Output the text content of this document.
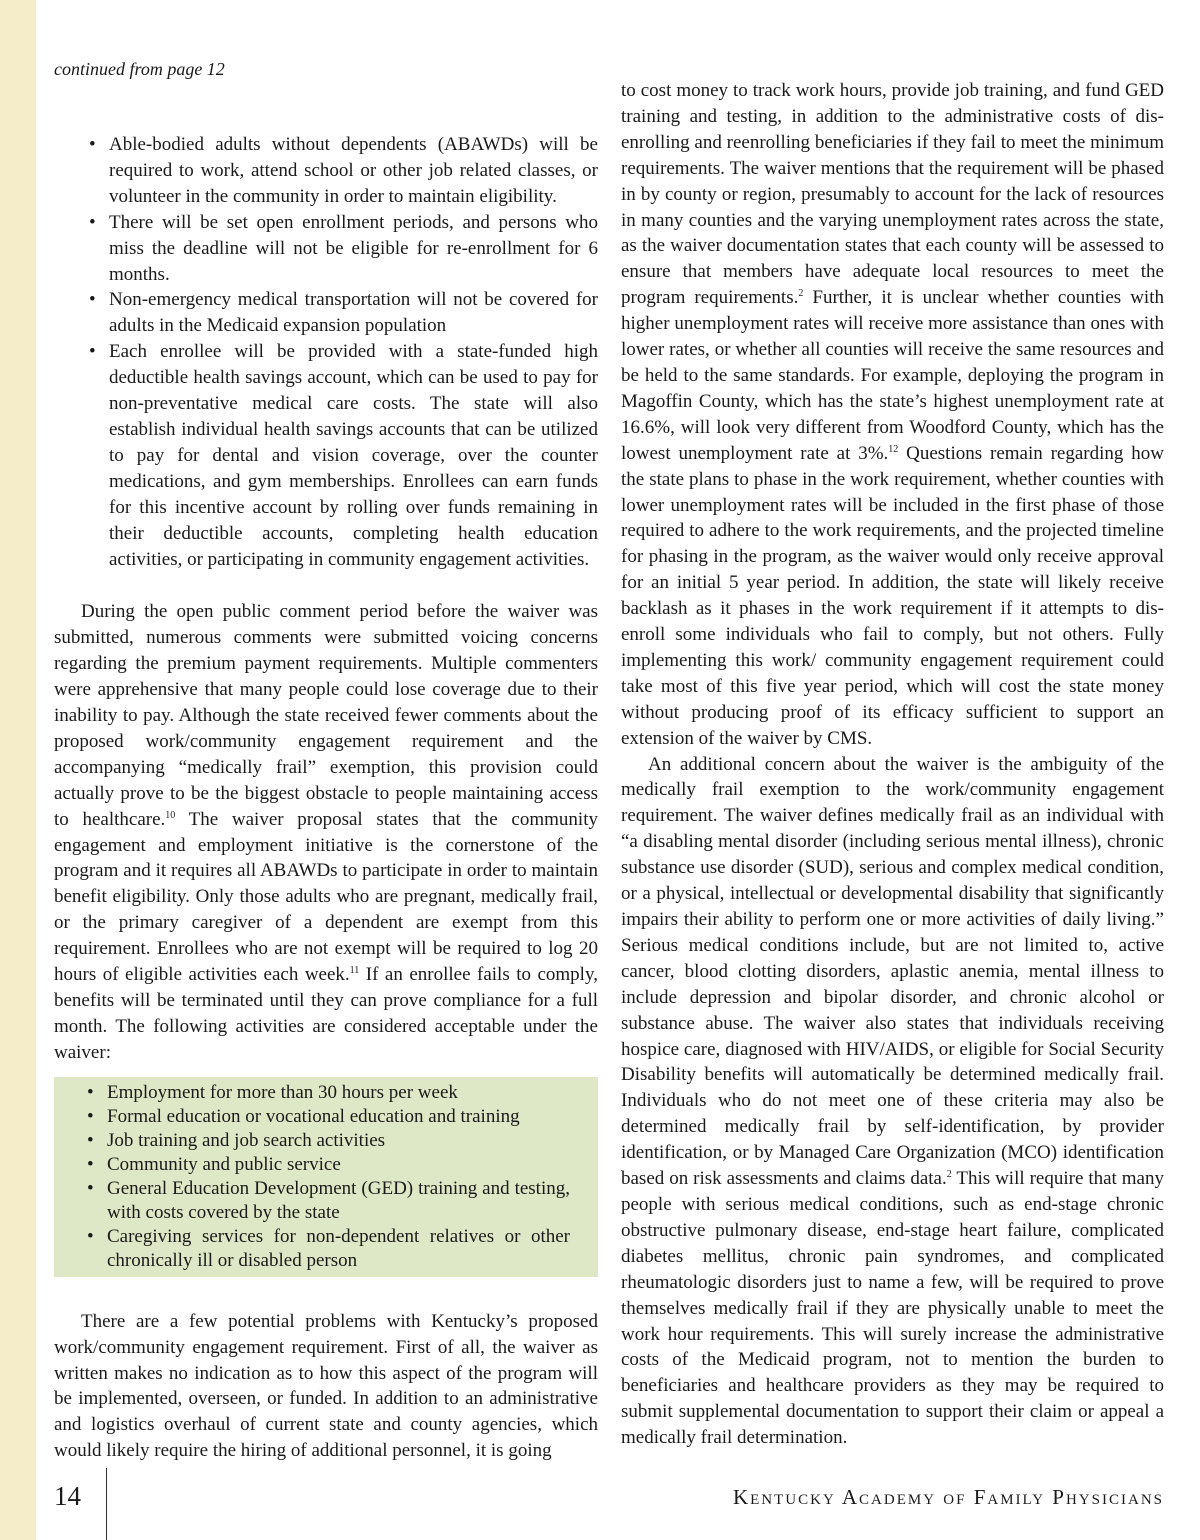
continued from page 12
• Able-bodied adults without dependents (ABAWDs) will be required to work, attend school or other job related classes, or volunteer in the community in order to maintain eligibility.
• There will be set open enrollment periods, and persons who miss the deadline will not be eligible for re-enrollment for 6 months.
• Non-emergency medical transportation will not be covered for adults in the Medicaid expansion population
• Each enrollee will be provided with a state-funded high deductible health savings account, which can be used to pay for non-preventative medical care costs. The state will also establish individual health savings accounts that can be utilized to pay for dental and vision coverage, over the counter medications, and gym memberships. Enrollees can earn funds for this incentive account by rolling over funds remaining in their deductible accounts, completing health education activities, or participating in community engagement activities.

During the open public comment period before the waiver was submitted, numerous comments were submitted voicing concerns regarding the premium payment requirements. Multiple commenters were apprehensive that many people could lose coverage due to their inability to pay. Although the state received fewer comments about the proposed work/community engagement requirement and the accompanying “medically frail” exemption, this provision could actually prove to be the biggest obstacle to people maintaining access to healthcare.$^{10}$ The waiver proposal states that the community engagement and employment initiative is the cornerstone of the program and it requires all ABAWDs to participate in order to maintain benefit eligibility. Only those adults who are pregnant, medically frail, or the primary caregiver of a dependent are exempt from this requirement. Enrollees who are not exempt will be required to log 20 hours of eligible activities each week.$^{11}$ If an enrollee fails to comply, benefits will be terminated until they can prove compliance for a full month. The following activities are considered acceptable under the waiver:

• Employment for more than 30 hours per week
• Formal education or vocational education and training
• Job training and job search activities
• Community and public service
• General Education Development (GED) training and testing, with costs covered by the state
• Caregiving services for non-dependent relatives or other chronically ill or disabled person

There are a few potential problems with Kentucky’s proposed work/community engagement requirement. First of all, the waiver as written makes no indication as to how this aspect of the program will be implemented, overseen, or funded. In addition to an administrative and logistics overhaul of current state and county agencies, which would likely require the hiring of additional personnel, it is going

to cost money to track work hours, provide job training, and fund GED training and testing, in addition to the administrative costs of dis-enrolling and reenrolling beneficiaries if they fail to meet the minimum requirements. The waiver mentions that the requirement will be phased in by county or region, presumably to account for the lack of resources in many counties and the varying unemployment rates across the state, as the waiver documentation states that each county will be assessed to ensure that members have adequate local resources to meet the program requirements.$^2$ Further, it is unclear whether counties with higher unemployment rates will receive more assistance than ones with lower rates, or whether all counties will receive the same resources and be held to the same standards. For example, deploying the program in Magoffin County, which has the state’s highest unemployment rate at 16.6%, will look very different from Woodford County, which has the lowest unemployment rate at 3%.$^{12}$ Questions remain regarding how the state plans to phase in the work requirement, whether counties with lower unemployment rates will be included in the first phase of those required to adhere to the work requirements, and the projected timeline for phasing in the program, as the waiver would only receive approval for an initial 5 year period. In addition, the state will likely receive backlash as it phases in the work requirement if it attempts to dis-enroll some individuals who fail to comply, but not others. Fully implementing this work/ community engagement requirement could take most of this five year period, which will cost the state money without producing proof of its efficacy sufficient to support an extension of the waiver by CMS.

An additional concern about the waiver is the ambiguity of the medically frail exemption to the work/community engagement requirement. The waiver defines medically frail as an individual with “a disabling mental disorder (including serious mental illness), chronic substance use disorder (SUD), serious and complex medical condition, or a physical, intellectual or developmental disability that significantly impairs their ability to perform one or more activities of daily living.” Serious medical conditions include, but are not limited to, active cancer, blood clotting disorders, aplastic anemia, mental illness to include depression and bipolar disorder, and chronic alcohol or substance abuse. The waiver also states that individuals receiving hospice care, diagnosed with HIV/AIDS, or eligible for Social Security Disability benefits will automatically be determined medically frail. Individuals who do not meet one of these criteria may also be determined medically frail by self-identification, by provider identification, or by Managed Care Organization (MCO) identification based on risk assessments and claims data.$^2$ This will require that many people with serious medical conditions, such as end-stage chronic obstructive pulmonary disease, end-stage heart failure, complicated diabetes mellitus, chronic pain syndromes, and complicated rheumatologic disorders just to name a few, will be required to prove themselves medically frail if they are physically unable to meet the work hour requirements. This will surely increase the administrative costs of the Medicaid program, not to mention the burden to beneficiaries and healthcare providers as they may be required to submit supplemental documentation to support their claim or appeal a medically frail determination.

14	Kentucky Academy of Family Physicians
